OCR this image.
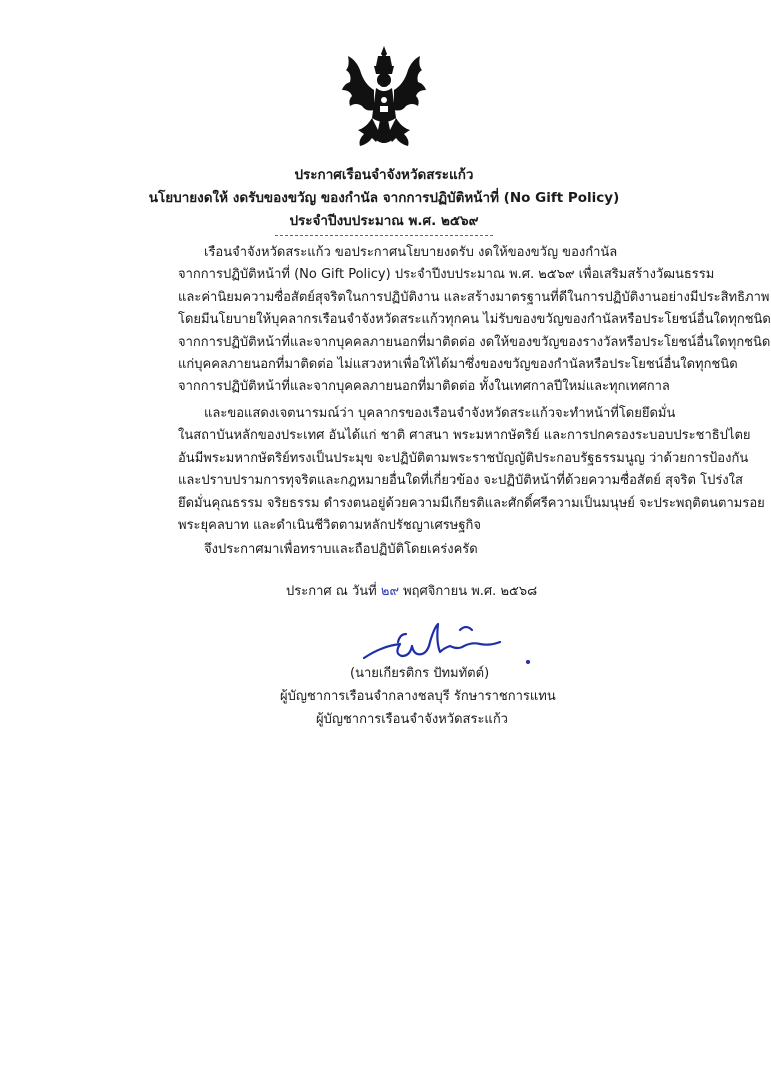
ประกาศเรือนจำจังหวัดสระแก้ว
นโยบายงดให้ งดรับของขวัญ ของกำนัล จากการปฏิบัติหน้าที่ (No Gift Policy)
ประจำปีงบประมาณ พ.ศ. ๒๕๖๙
เรือนจำจังหวัดสระแก้ว ขอประกาศนโยบายงดรับ งดให้ของขวัญ ของกำนัล
จากการปฏิบัติหน้าที่ (No Gift Policy) ประจำปีงบประมาณ พ.ศ. ๒๕๖๙ เพื่อเสริมสร้างวัฒนธรรม
และค่านิยมความซื่อสัตย์สุจริตในการปฏิบัติงาน และสร้างมาตรฐานที่ดีในการปฏิบัติงานอย่างมีประสิทธิภาพ
โดยมีนโยบายให้บุคลากรเรือนจำจังหวัดสระแก้วทุกคน ไม่รับของขวัญของกำนัลหรือประโยชน์อื่นใดทุกชนิด
จากการปฏิบัติหน้าที่และจากบุคคลภายนอกที่มาติดต่อ งดให้ของขวัญของรางวัลหรือประโยชน์อื่นใดทุกชนิด
แก่บุคคลภายนอกที่มาติดต่อ ไม่แสวงหาเพื่อให้ได้มาซึ่งของขวัญของกำนัลหรือประโยชน์อื่นใดทุกชนิด
จากการปฏิบัติหน้าที่และจากบุคคลภายนอกที่มาติดต่อ ทั้งในเทศกาลปีใหม่และทุกเทศกาล
และขอแสดงเจตนารมณ์ว่า บุคลากรของเรือนจำจังหวัดสระแก้วจะทำหน้าที่โดยยึดมั่น
ในสถาบันหลักของประเทศ อันได้แก่ ชาติ ศาสนา พระมหากษัตริย์ และการปกครองระบอบประชาธิปไตย
อันมีพระมหากษัตริย์ทรงเป็นประมุข จะปฏิบัติตามพระราชบัญญัติประกอบรัฐธรรมนูญ ว่าด้วยการป้องกัน
และปราบปรามการทุจริตและกฎหมายอื่นใดที่เกี่ยวข้อง จะปฏิบัติหน้าที่ด้วยความซื่อสัตย์ สุจริต โปร่งใส
ยึดมั่นคุณธรรม จริยธรรม ดำรงตนอยู่ด้วยความมีเกียรติและศักดิ์ศรีความเป็นมนุษย์ จะประพฤติตนตามรอย
พระยุคลบาท และดำเนินชีวิตตามหลักปรัชญาเศรษฐกิจ
จึงประกาศมาเพื่อทราบและถือปฏิบัติโดยเคร่งครัด
ประกาศ ณ วันที่ ๒๙ พฤศจิกายน พ.ศ. ๒๕๖๘
(นายเกียรติกร ปัทมทัตต์)
ผู้บัญชาการเรือนจำกลางชลบุรี รักษาราชการแทน
ผู้บัญชาการเรือนจำจังหวัดสระแก้ว
